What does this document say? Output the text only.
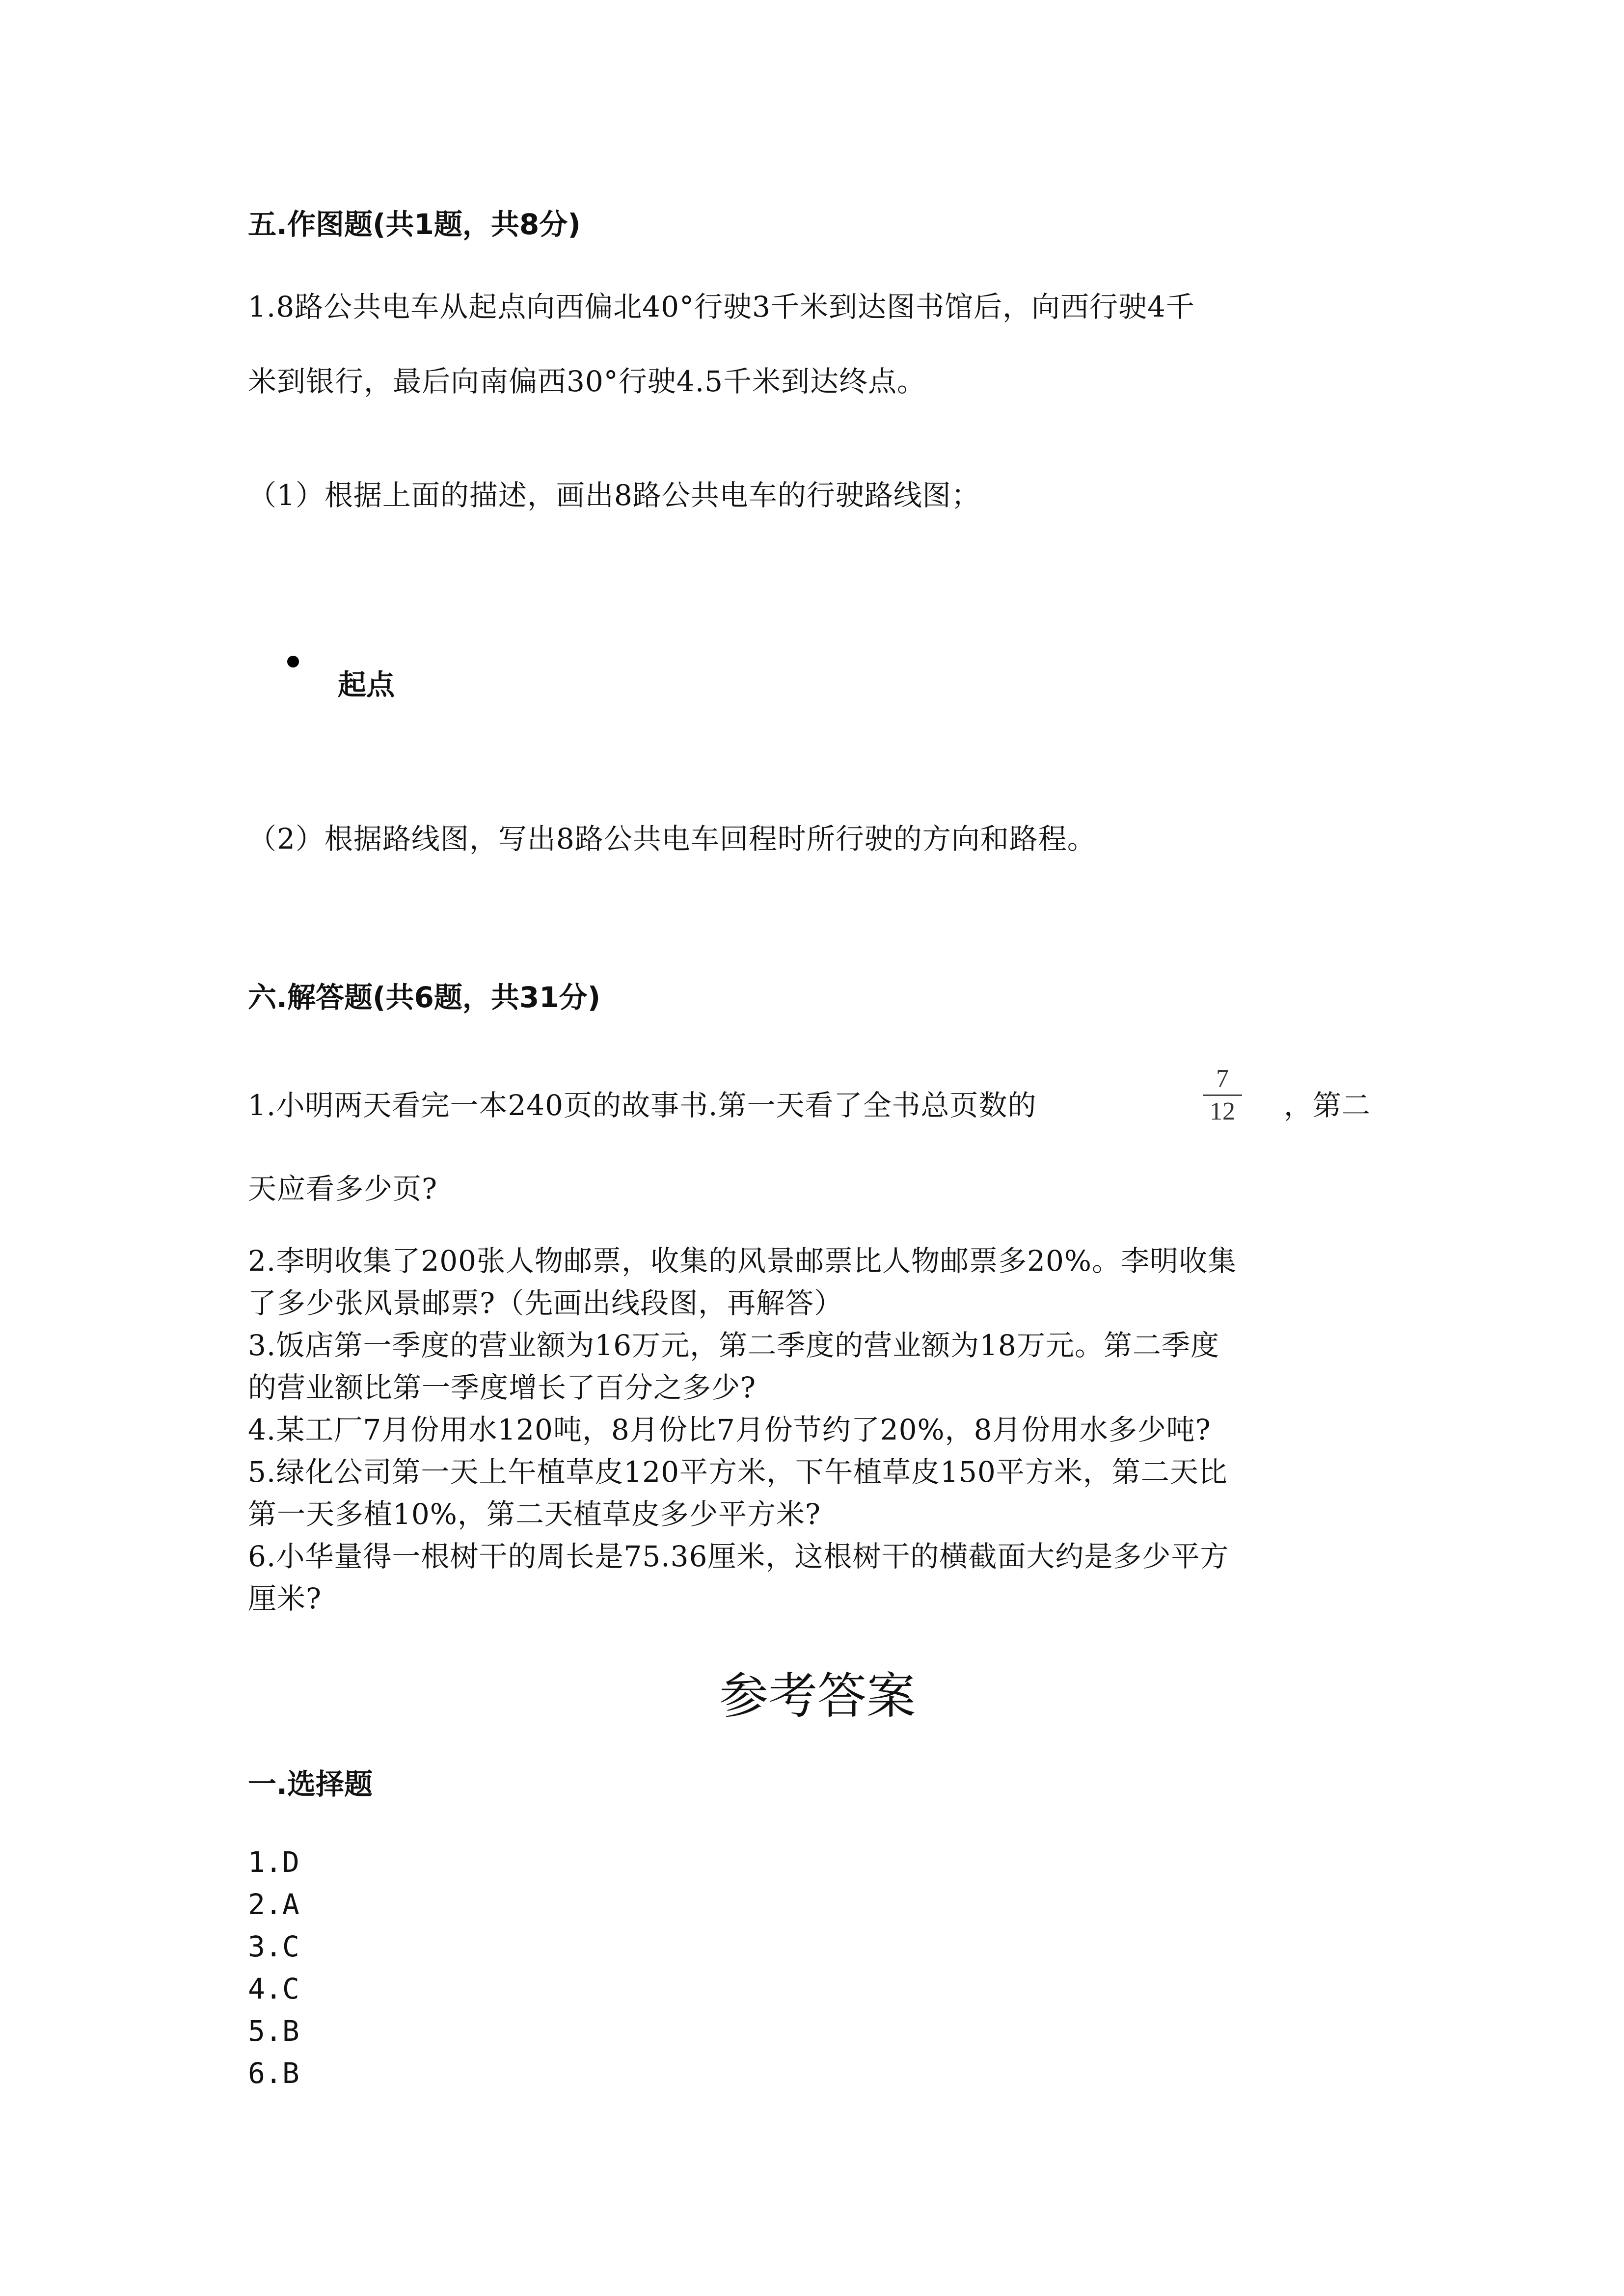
五.作图题(共1题，共8分)
1.8路公共电车从起点向西偏北40°行驶3千米到达图书馆后，向西行驶4千
米到银行，最后向南偏西30°行驶4.5千米到达终点。
（1）根据上面的描述，画出8路公共电车的行驶路线图；
起点
（2）根据路线图，写出8路公共电车回程时所行驶的方向和路程。
六.解答题(共6题，共31分)
1.小明两天看完一本240页的故事书.第一天看了全书总页数的
7
12 ，第二
天应看多少页?
2.李明收集了200张人物邮票，收集的风景邮票比人物邮票多20%。李明收集
了多少张风景邮票?（先画出线段图，再解答）
3.饭店第一季度的营业额为16万元，第二季度的营业额为18万元。第二季度
的营业额比第一季度增长了百分之多少?
4.某工厂7月份用水120吨，8月份比7月份节约了20%，8月份用水多少吨?
5.绿化公司第一天上午植草皮120平方米，下午植草皮150平方米，第二天比
第一天多植10%，第二天植草皮多少平方米?
6.小华量得一根树干的周长是75.36厘米，这根树干的横截面大约是多少平方
厘米?
参考答案
一.选择题
1.D
2.A
3.C
4.C
5.B
6.B
